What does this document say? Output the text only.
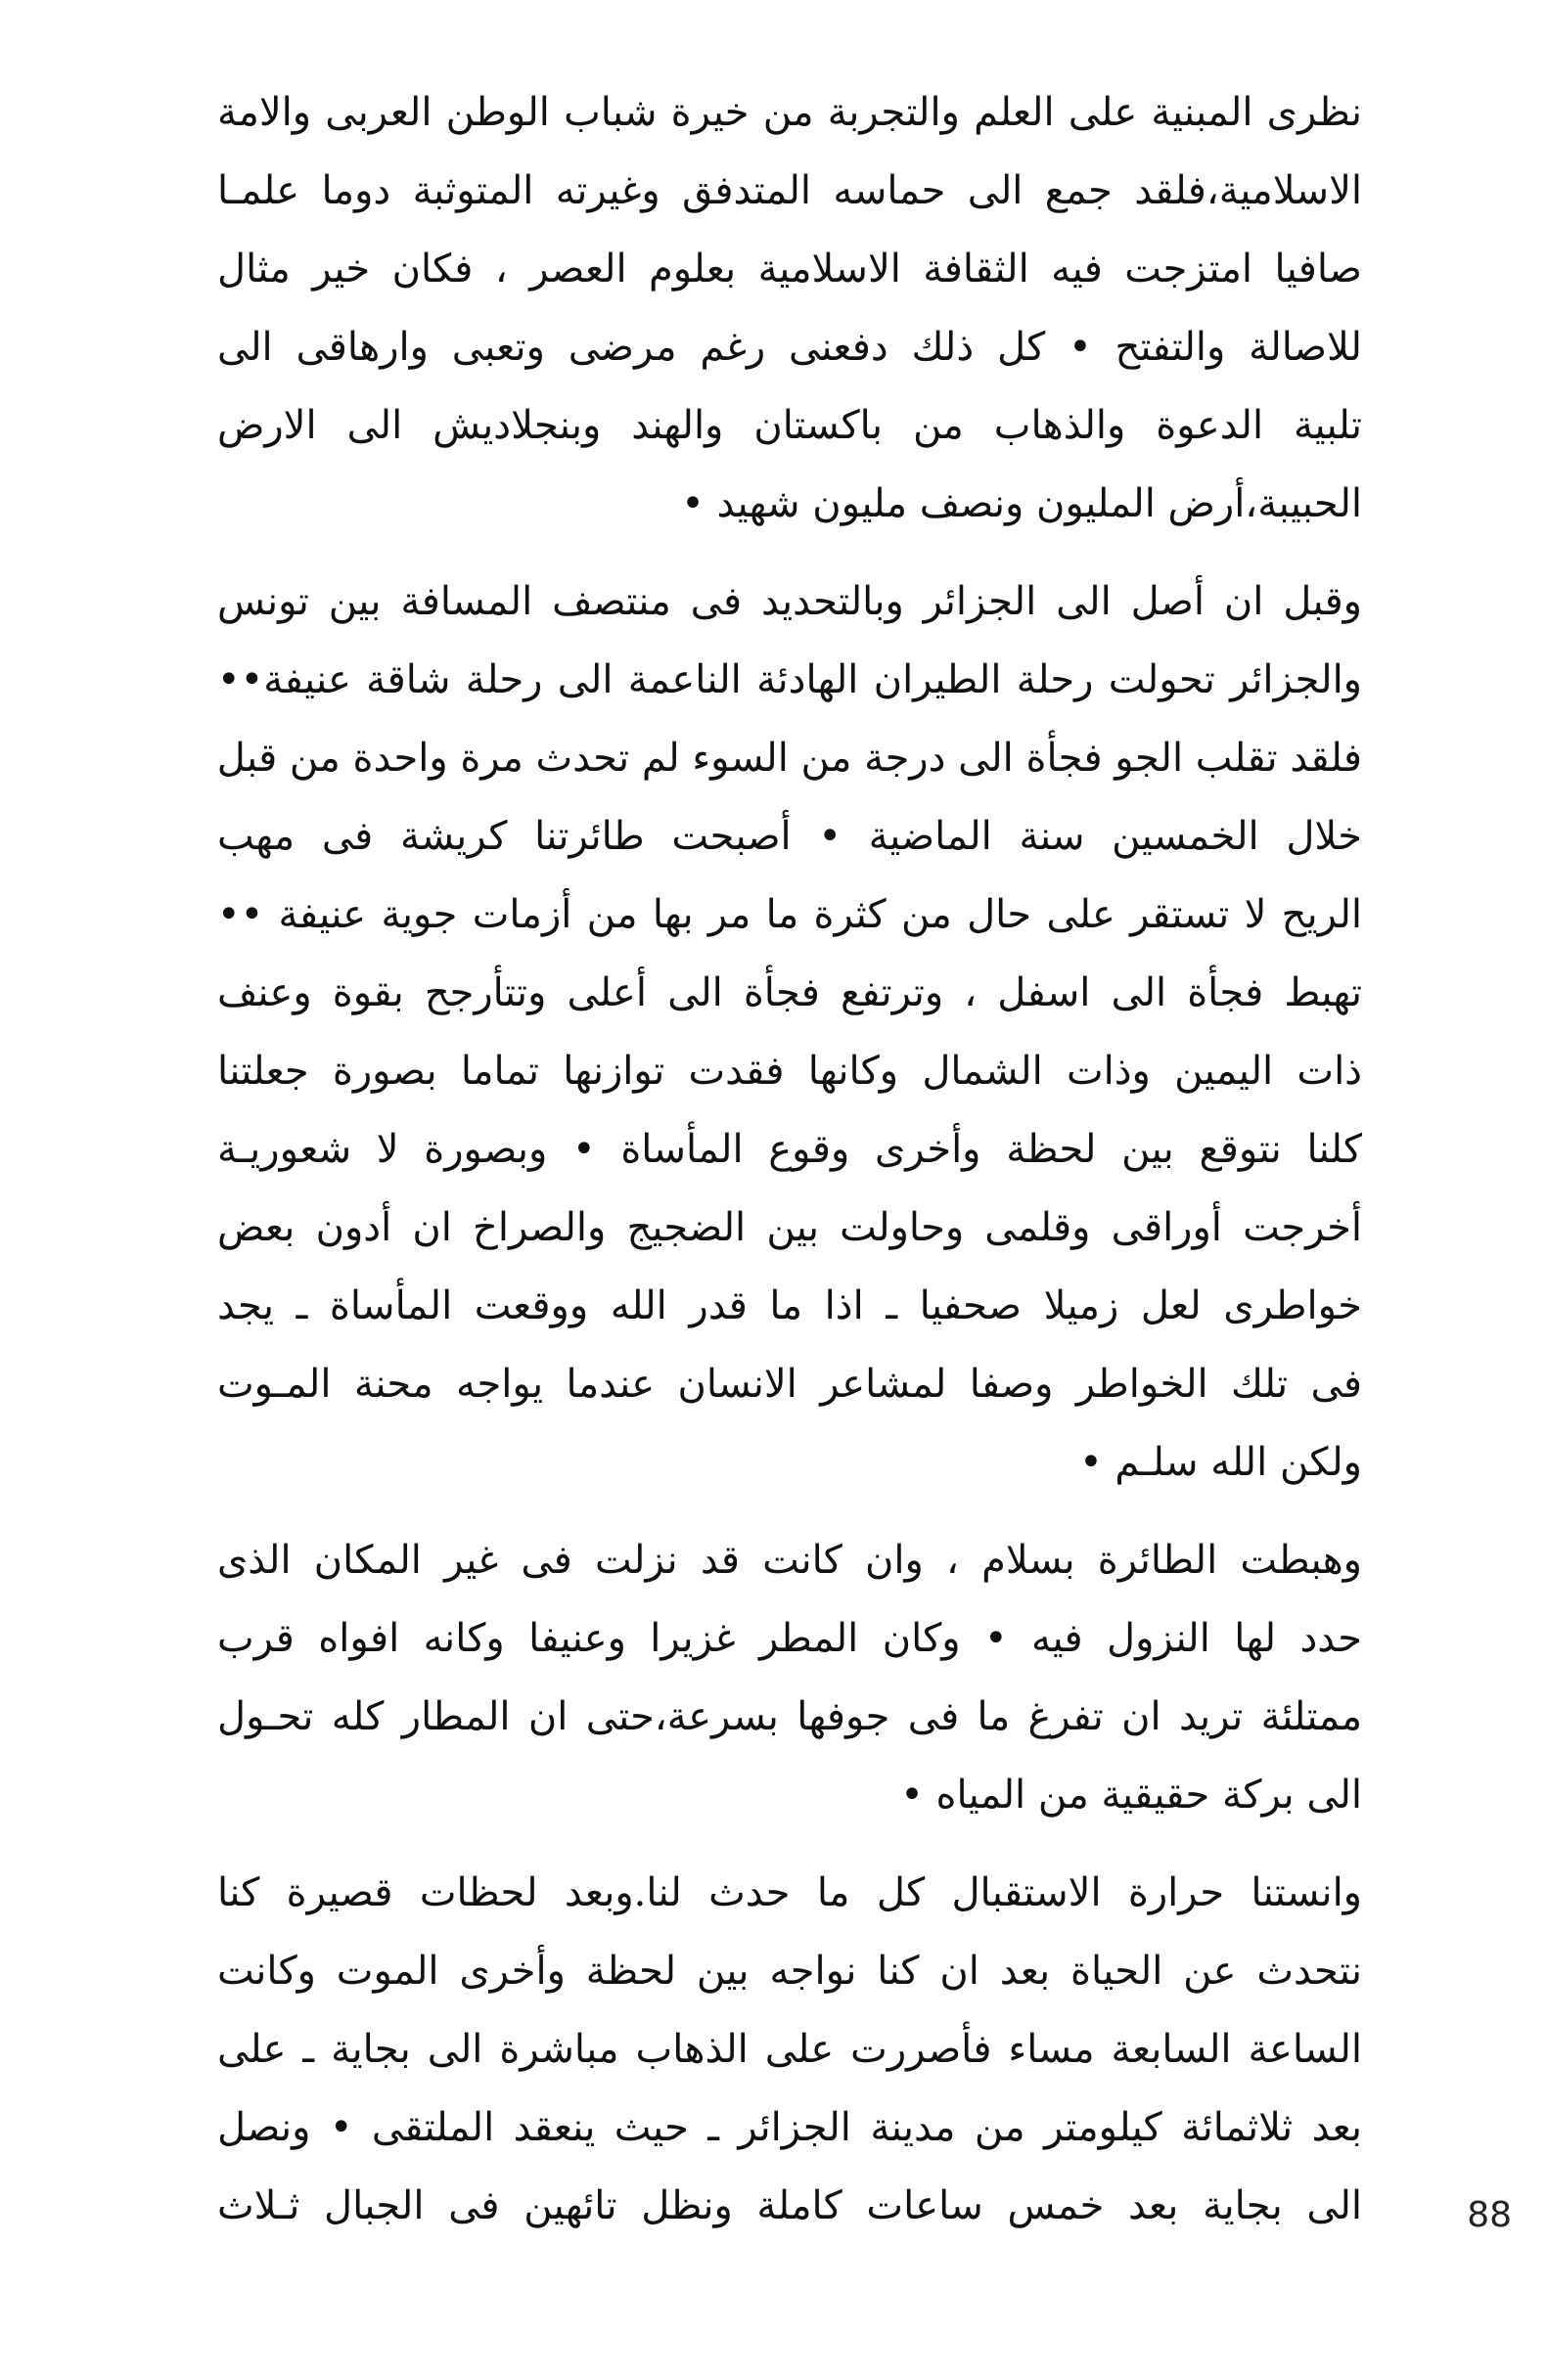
نظرى المبنية على العلم والتجربة من خيرة شباب الوطن العربى والامة
الاسلامية،فلقد جمع الى حماسه المتدفق وغيرته المتوثبة دوما علمـا
صافيا امتزجت فيه الثقافة الاسلامية بعلوم العصر ، فكان خير مثال
للاصالة والتفتح • كل ذلك دفعنى رغم مرضى وتعبى وارهاقى الى
تلبية الدعوة والذهاب من باكستان والهند وبنجلاديش الى الارض
الحبيبة،أرض المليون ونصف مليون شهيد •
وقبل ان أصل الى الجزائر وبالتحديد فى منتصف المسافة بين تونس
والجزائر تحولت رحلة الطيران الهادئة الناعمة الى رحلة شاقة عنيفة••
فلقد تقلب الجو فجأة الى درجة من السوء لم تحدث مرة واحدة من قبل
خلال الخمسين سنة الماضية • أصبحت طائرتنا كريشة فى مهب
الريح لا تستقر على حال من كثرة ما مر بها من أزمات جوية عنيفة ••
تهبط فجأة الى اسفل ، وترتفع فجأة الى أعلى وتتأرجح بقوة وعنف
ذات اليمين وذات الشمال وكانها فقدت توازنها تماما بصورة جعلتنا
كلنا نتوقع بين لحظة وأخرى وقوع المأساة • وبصورة لا شعوريـة
أخرجت أوراقى وقلمى وحاولت بين الضجيج والصراخ ان أدون بعض
خواطرى لعل زميلا صحفيا ـ اذا ما قدر الله ووقعت المأساة ـ يجد
فى تلك الخواطر وصفا لمشاعر الانسان عندما يواجه محنة المـوت
ولكن الله سلـم •
وهبطت الطائرة بسلام ، وان كانت قد نزلت فى غير المكان الذى
حدد لها النزول فيه • وكان المطر غزيرا وعنيفا وكانه افواه قرب
ممتلئة تريد ان تفرغ ما فى جوفها بسرعة،حتى ان المطار كله تحـول
الى بركة حقيقية من المياه •
وانستنا حرارة الاستقبال كل ما حدث لنا.وبعد لحظات قصيرة كنا
نتحدث عن الحياة بعد ان كنا نواجه بين لحظة وأخرى الموت وكانت
الساعة السابعة مساء فأصررت على الذهاب مباشرة الى بجاية ـ على
بعد ثلاثمائة كيلومتر من مدينة الجزائر ـ حيث ينعقد الملتقى • ونصل
الى بجاية بعد خمس ساعات كاملة ونظل تائهين فى الجبال ثـلاث	88
